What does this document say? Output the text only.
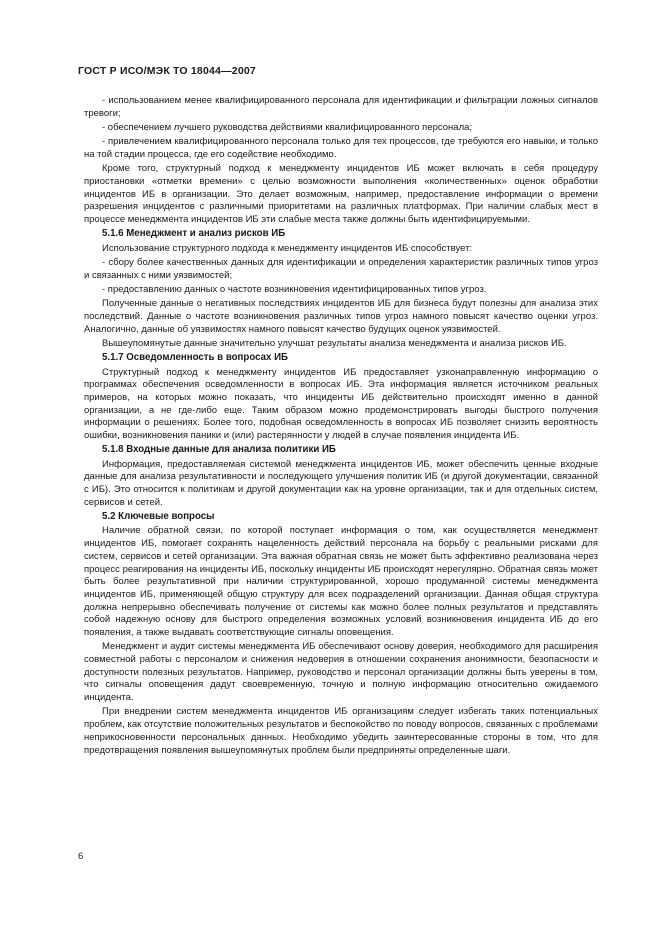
ГОСТ Р ИСО/МЭК ТО 18044—2007

- использованием менее квалифицированного персонала для идентификации и фильтрации ложных сигналов тревоги;

- обеспечением лучшего руководства действиями квалифицированного персонала;

- привлечением квалифицированного персонала только для тех процессов, где требуются его навыки, и только на той стадии процесса, где его содействие необходимо.

Кроме того, структурный подход к менеджменту инцидентов ИБ может включать в себя процедуру приостановки «отметки времени» с целью возможности выполнения «количественных» оценок обработки инцидентов ИБ в организации. Это делает возможным, например, предоставление информации о времени разрешения инцидентов с различными приоритетами на различных платформах. При наличии слабых мест в процессе менеджмента инцидентов ИБ эти слабые места также должны быть идентифицируемыми.

5.1.6 Менеджмент и анализ рисков ИБ

Использование структурного подхода к менеджменту инцидентов ИБ способствует:

- сбору более качественных данных для идентификации и определения характеристик различных типов угроз и связанных с ними уязвимостей;

- предоставлению данных о частоте возникновения идентифицированных типов угроз.

Полученные данные о негативных последствиях инцидентов ИБ для бизнеса будут полезны для анализа этих последствий. Данные о частоте возникновения различных типов угроз намного повысят качество оценки угроз. Аналогично, данные об уязвимостях намного повысят качество будущих оценок уязвимостей.

Вышеупомянутые данные значительно улучшат результаты анализа менеджмента и анализа рисков ИБ.

5.1.7 Осведомленность в вопросах ИБ

Структурный подход к менеджменту инцидентов ИБ предоставляет узконаправленную информацию о программах обеспечения осведомленности в вопросах ИБ. Эта информация является источником реальных примеров, на которых можно показать, что инциденты ИБ действительно происходят именно в данной организации, а не где-либо еще. Таким образом можно продемонстрировать выгоды быстрого получения информации о решениях. Более того, подобная осведомленность в вопросах ИБ позволяет снизить вероятность ошибки, возникновения паники и (или) растерянности у людей в случае появления инцидента ИБ.

5.1.8 Входные данные для анализа политики ИБ

Информация, предоставляемая системой менеджмента инцидентов ИБ, может обеспечить ценные входные данные для анализа результативности и последующего улучшения политик ИБ (и другой документации, связанной с ИБ). Это относится к политикам и другой документации как на уровне организации, так и для отдельных систем, сервисов и сетей.

5.2 Ключевые вопросы

Наличие обратной связи, по которой поступает информация о том, как осуществляется менеджмент инцидентов ИБ, помогает сохранять нацеленность действий персонала на борьбу с реальными рисками для систем, сервисов и сетей организации. Эта важная обратная связь не может быть эффективно реализована через процесс реагирования на инциденты ИБ, поскольку инциденты ИБ происходят нерегулярно. Обратная связь может быть более результативной при наличии структурированной, хорошо продуманной системы менеджмента инцидентов ИБ, применяющей общую структуру для всех подразделений организации. Данная общая структура должна непрерывно обеспечивать получение от системы как можно более полных результатов и представлять собой надежную основу для быстрого определения возможных условий возникновения инцидента ИБ до его появления, а также выдавать соответствующие сигналы оповещения.

Менеджмент и аудит системы менеджмента ИБ обеспечивают основу доверия, необходимого для расширения совместной работы с персоналом и снижения недоверия в отношении сохранения анонимности, безопасности и доступности полезных результатов. Например, руководство и персонал организации должны быть уверены в том, что сигналы оповещения дадут своевременную, точную и полную информацию относительно ожидаемого инцидента.

При внедрении систем менеджмента инцидентов ИБ организациям следует избегать таких потенциальных проблем, как отсутствие положительных результатов и беспокойство по поводу вопросов, связанных с проблемами неприкосновенности персональных данных. Необходимо убедить заинтересованные стороны в том, что для предотвращения появления вышеупомянутых проблем были предприняты определенные шаги.

6
